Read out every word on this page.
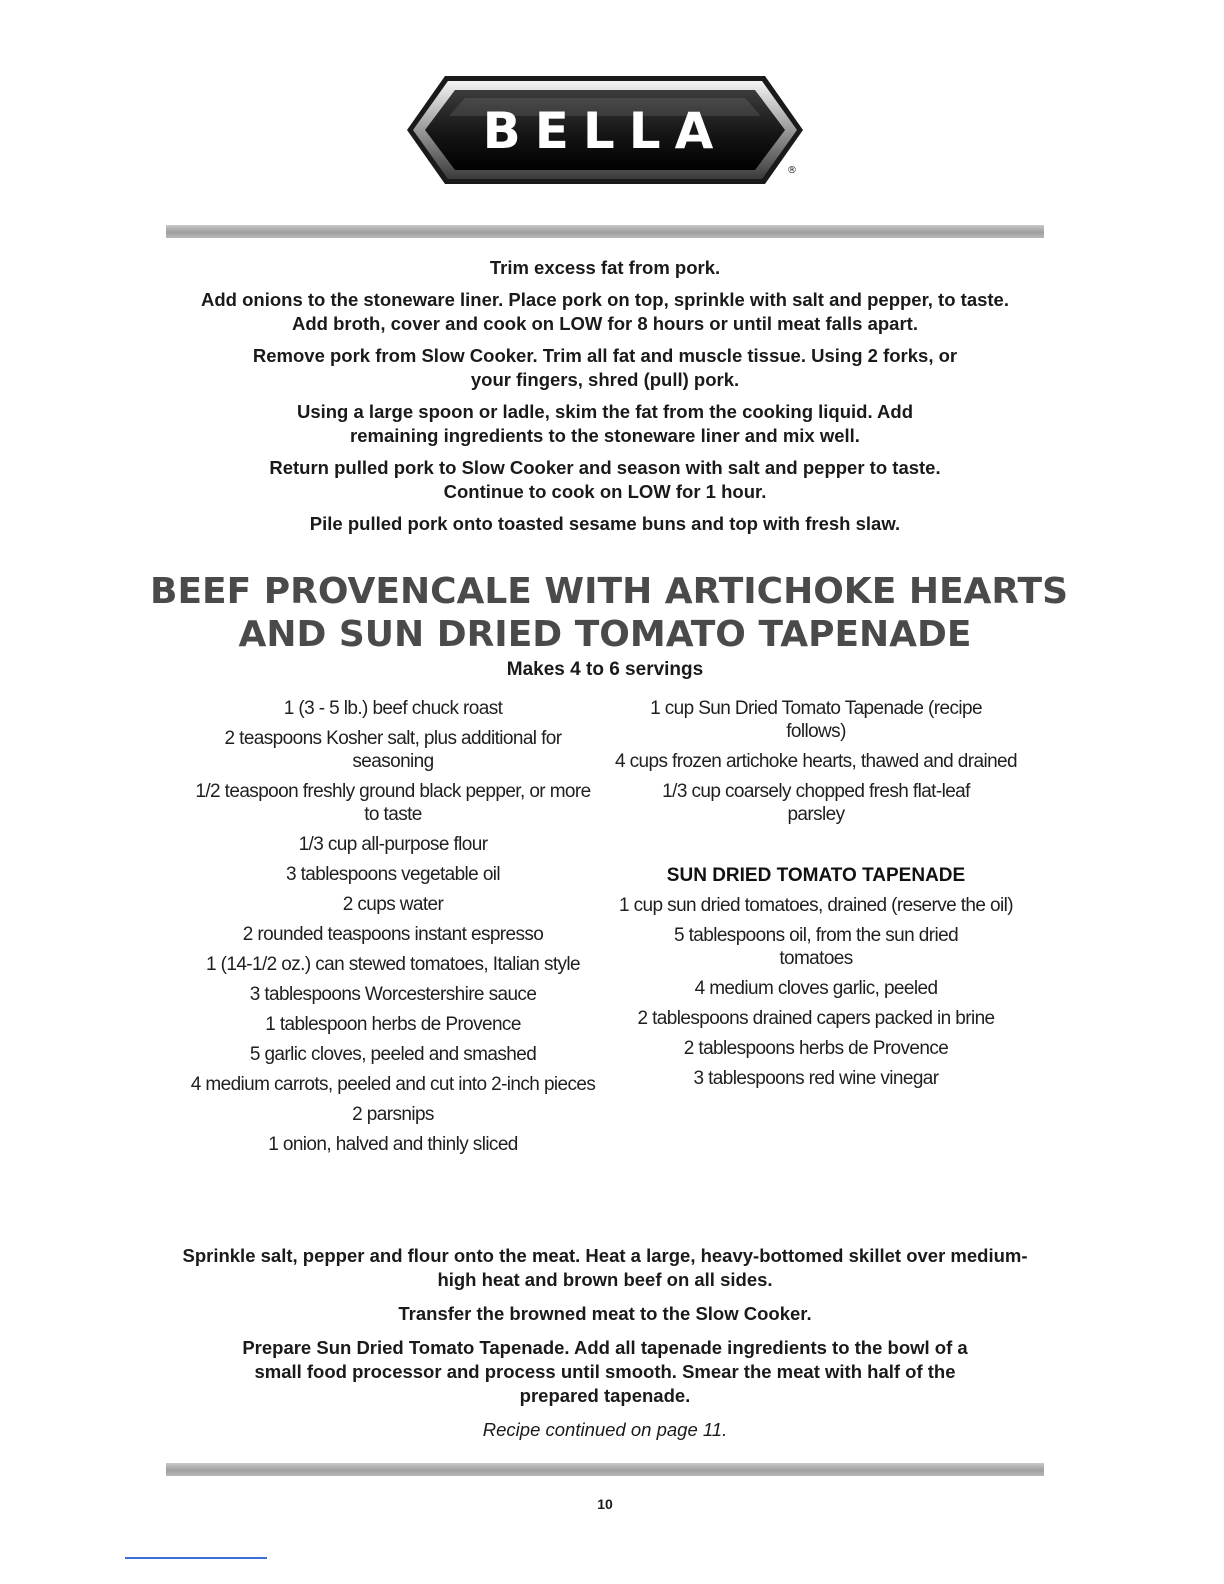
BELLA
®

Trim excess fat from pork.

Add onions to the stoneware liner. Place pork on top, sprinkle with salt and pepper, to taste. Add broth, cover and cook on LOW for 8 hours or until meat falls apart.

Remove pork from Slow Cooker. Trim all fat and muscle tissue. Using 2 forks, or your fingers, shred (pull) pork.

Using a large spoon or ladle, skim the fat from the cooking liquid. Add remaining ingredients to the stoneware liner and mix well.

Return pulled pork to Slow Cooker and season with salt and pepper to taste. Continue to cook on LOW for 1 hour.

Pile pulled pork onto toasted sesame buns and top with fresh slaw.

BEEF PROVENCALE WITH ARTICHOKE HEARTS
AND SUN DRIED TOMATO TAPENADE
Makes 4 to 6 servings
1 (3 - 5 lb.) beef chuck roast
2 teaspoons Kosher salt, plus additional for seasoning
1/2 teaspoon freshly ground black pepper, or more to taste
1/3 cup all-purpose flour
3 tablespoons vegetable oil
2 cups water
2 rounded teaspoons instant espresso
1 (14-1/2 oz.) can stewed tomatoes, Italian style
3 tablespoons Worcestershire sauce
1 tablespoon herbs de Provence
5 garlic cloves, peeled and smashed
4 medium carrots, peeled and cut into 2-inch pieces
2 parsnips
1 onion, halved and thinly sliced
1 cup Sun Dried Tomato Tapenade (recipe follows)
4 cups frozen artichoke hearts, thawed and drained
1/3 cup coarsely chopped fresh flat-leaf parsley
SUN DRIED TOMATO TAPENADE
1 cup sun dried tomatoes, drained (reserve the oil)
5 tablespoons oil, from the sun dried tomatoes
4 medium cloves garlic, peeled
2 tablespoons drained capers packed in brine
2 tablespoons herbs de Provence
3 tablespoons red wine vinegar

Sprinkle salt, pepper and flour onto the meat. Heat a large, heavy-bottomed skillet over medium-high heat and brown beef on all sides.

Transfer the browned meat to the Slow Cooker.

Prepare Sun Dried Tomato Tapenade. Add all tapenade ingredients to the bowl of a small food processor and process until smooth. Smear the meat with half of the prepared tapenade.

Recipe continued on page 11.

10
